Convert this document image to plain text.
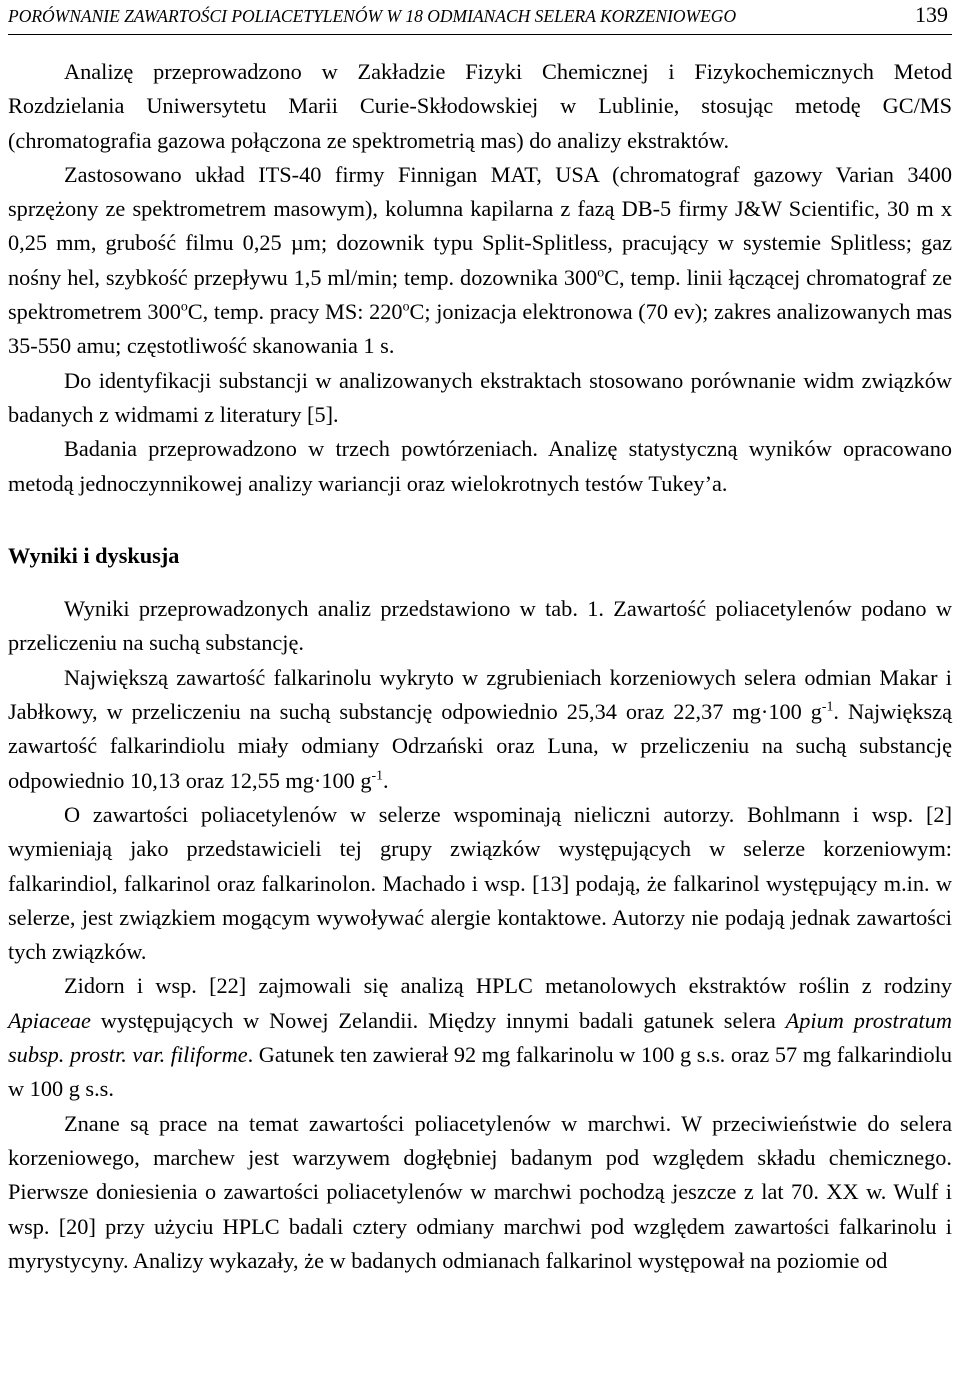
PORÓWNANIE ZAWARTOŚCI POLIACETYLENÓW W 18 ODMIANACH SELERA KORZENIOWEGO	139

Analizę przeprowadzono w Zakładzie Fizyki Chemicznej i Fizykochemicznych Metod Rozdzielania Uniwersytetu Marii Curie-Skłodowskiej w Lublinie, stosując metodę GC/MS (chromatografia gazowa połączona ze spektrometrią mas) do analizy ekstraktów.

Zastosowano układ ITS-40 firmy Finnigan MAT, USA (chromatograf gazowy Varian 3400 sprzężony ze spektrometrem masowym), kolumna kapilarna z fazą DB-5 firmy J&W Scientific, 30 m x 0,25 mm, grubość filmu 0,25 µm; dozownik typu Split-Splitless, pracujący w systemie Splitless; gaz nośny hel, szybkość przepływu 1,5 ml/min; temp. dozownika 300$^o$C, temp. linii łączącej chromatograf ze spektrometrem 300$^o$C, temp. pracy MS: 220$^o$C; jonizacja elektronowa (70 ev); zakres analizowanych mas 35-550 amu; częstotliwość skanowania 1 s.

Do identyfikacji substancji w analizowanych ekstraktach stosowano porównanie widm związków badanych z widmami z literatury [5].

Badania przeprowadzono w trzech powtórzeniach. Analizę statystyczną wyników opracowano metodą jednoczynnikowej analizy wariancji oraz wielokrotnych testów Tukey’a.

Wyniki i dyskusja

Wyniki przeprowadzonych analiz przedstawiono w tab. 1. Zawartość poliacetylenów podano w przeliczeniu na suchą substancję.

Największą zawartość falkarinolu wykryto w zgrubieniach korzeniowych selera odmian Makar i Jabłkowy, w przeliczeniu na suchą substancję odpowiednio 25,34 oraz 22,37 mg·100 $g^{-1}$. Największą zawartość falkarindiolu miały odmiany Odrzański oraz Luna, w przeliczeniu na suchą substancję odpowiednio 10,13 oraz 12,55 mg·100 $g^{-1}$.

O zawartości poliacetylenów w selerze wspominają nieliczni autorzy. Bohlmann i wsp. [2] wymieniają jako przedstawicieli tej grupy związków występujących w selerze korzeniowym: falkarindiol, falkarinol oraz falkarinolon. Machado i wsp. [13] podają, że falkarinol występujący m.in. w selerze, jest związkiem mogącym wywoływać alergie kontaktowe. Autorzy nie podają jednak zawartości tych związków.

Zidorn i wsp. [22] zajmowali się analizą HPLC metanolowych ekstraktów roślin z rodziny Apiaceae występujących w Nowej Zelandii. Między innymi badali gatunek selera Apium prostratum subsp. prostr. var. filiforme. Gatunek ten zawierał 92 mg falkarinolu w 100 g s.s. oraz 57 mg falkarindiolu w 100 g s.s.

Znane są prace na temat zawartości poliacetylenów w marchwi. W przeciwieństwie do selera korzeniowego, marchew jest warzywem dogłębniej badanym pod względem składu chemicznego. Pierwsze doniesienia o zawartości poliacetylenów w marchwi pochodzą jeszcze z lat 70. XX w. Wulf i wsp. [20] przy użyciu HPLC badali cztery odmiany marchwi pod względem zawartości falkarinolu i myrystycyny. Analizy wykazały, że w badanych odmianach falkarinol występował na poziomie od
